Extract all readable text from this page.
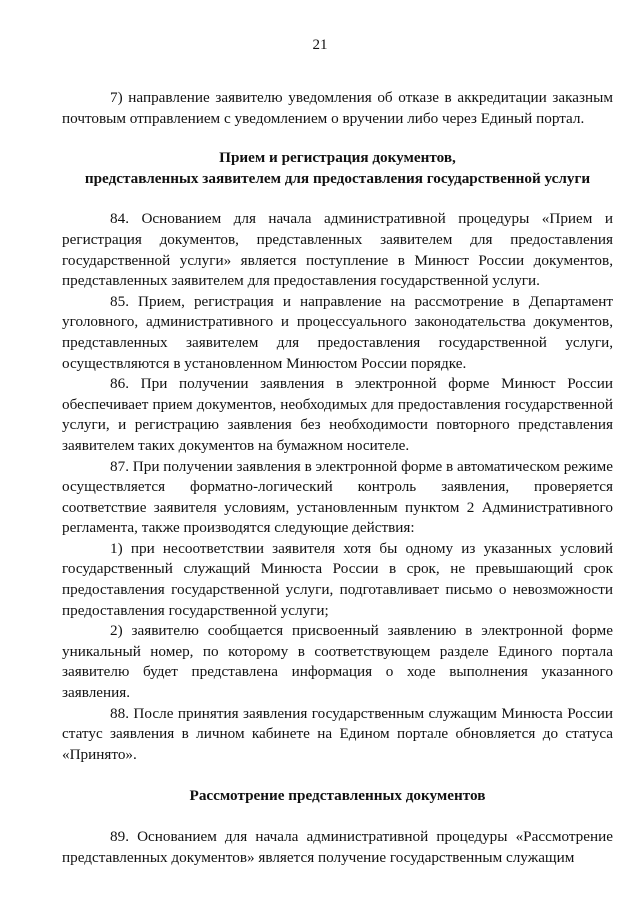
21

7) направление заявителю уведомления об отказе в аккредитации заказным почтовым отправлением с уведомлением о вручении либо через Единый портал.

Прием и регистрация документов,

представленных заявителем для предоставления государственной услуги

84. Основанием для начала административной процедуры «Прием и регистрация документов, представленных заявителем для предоставления государственной услуги» является поступление в Минюст России документов, представленных заявителем для предоставления государственной услуги.

85. Прием, регистрация и направление на рассмотрение в Департамент уголовного, административного и процессуального законодательства документов, представленных заявителем для предоставления государственной услуги, осуществляются в установленном Минюстом России порядке.

86. При получении заявления в электронной форме Минюст России обеспечивает прием документов, необходимых для предоставления государственной услуги, и регистрацию заявления без необходимости повторного представления заявителем таких документов на бумажном носителе.

87. При получении заявления в электронной форме в автоматическом режиме осуществляется форматно-логический контроль заявления, проверяется соответствие заявителя условиям, установленным пунктом 2 Административного регламента, также производятся следующие действия:

1) при несоответствии заявителя хотя бы одному из указанных условий государственный служащий Минюста России в срок, не превышающий срок предоставления государственной услуги, подготавливает письмо о невозможности предоставления государственной услуги;

2) заявителю сообщается присвоенный заявлению в электронной форме уникальный номер, по которому в соответствующем разделе Единого портала заявителю будет представлена информация о ходе выполнения указанного заявления.

88. После принятия заявления государственным служащим Минюста России статус заявления в личном кабинете на Едином портале обновляется до статуса «Принято».

Рассмотрение представленных документов

89. Основанием для начала административной процедуры «Рассмотрение представленных документов» является получение государственным служащим
